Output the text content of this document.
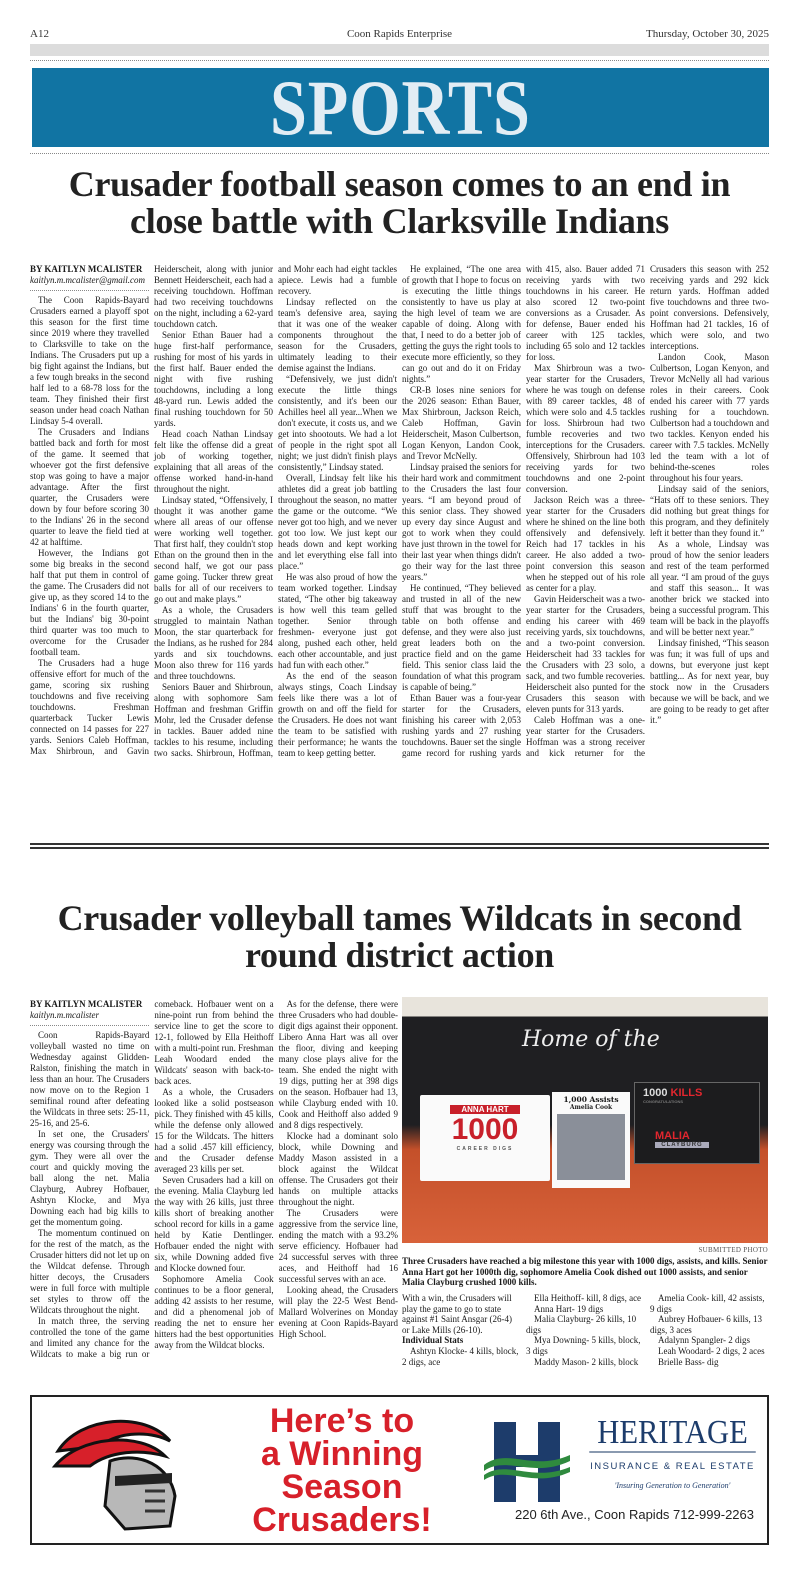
A12	Coon Rapids Enterprise	Thursday, October 30, 2025
SPORTS
Crusader football season comes to an end in close battle with Clarksville Indians

BY KAITLYN MCALISTER

kaitlyn.m.mcalister@gmail.com

The Coon Rapids-Bayard Crusaders earned a playoff spot this season for the first time since 2019 where they travelled to Clarksville to take on the Indians. The Crusaders put up a big fight against the Indians, but a few tough breaks in the second half led to a 68-78 loss for the team. They finished their first season under head coach Nathan Lindsay 5-4 overall.

The Crusaders and Indians battled back and forth for most of the game. It seemed that whoever got the first defensive stop was going to have a major advantage. After the first quarter, the Crusaders were down by four before scoring 30 to the Indians' 26 in the second quarter to leave the field tied at 42 at halftime.

However, the Indians got some big breaks in the second half that put them in control of the game. The Crusaders did not give up, as they scored 14 to the Indians' 6 in the fourth quarter, but the Indians' big 30-point third quarter was too much to overcome for the Crusader football team.

The Crusaders had a huge offensive effort for much of the game, scoring six rushing touchdowns and five receiving touchdowns. Freshman quarterback Tucker Lewis connected on 14 passes for 227 yards. Seniors Caleb Hoffman, Max Shirbroun, and Gavin Heiderscheit, along with junior Bennett Heiderscheit, each had a receiving touchdown. Hoffman had two receiving touchdowns on the night, including a 62-yard touchdown catch.

Senior Ethan Bauer had a huge first-half performance, rushing for most of his yards in the first half. Bauer ended the night with five rushing touchdowns, including a long 48-yard run. Lewis added the final rushing touchdown for 50 yards.

Head coach Nathan Lindsay felt like the offense did a great job of working together, explaining that all areas of the offense worked hand-in-hand throughout the night.

Lindsay stated, “Offensively, I thought it was another game where all areas of our offense were working well together. That first half, they couldn't stop Ethan on the ground then in the second half, we got our pass game going. Tucker threw great balls for all of our receivers to go out and make plays.”

As a whole, the Crusaders struggled to maintain Nathan Moon, the star quarterback for the Indians, as he rushed for 284 yards and six touchdowns. Moon also threw for 116 yards and three touchdowns.

Seniors Bauer and Shirbroun, along with sophomore Sam Hoffman and freshman Griffin Mohr, led the Crusader defense in tackles. Bauer added nine tackles to his resume, including two sacks. Shirbroun, Hoffman, and Mohr each had eight tackles apiece. Lewis had a fumble recovery.

Lindsay reflected on the team's defensive area, saying that it was one of the weaker components throughout the season for the Crusaders, ultimately leading to their demise against the Indians.

“Defensively, we just didn't execute the little things consistently, and it's been our Achilles heel all year...When we don't execute, it costs us, and we get into shootouts. We had a lot of people in the right spot all night; we just didn't finish plays consistently,” Lindsay stated.

Overall, Lindsay felt like his athletes did a great job battling throughout the season, no matter the game or the outcome. “We never got too high, and we never got too low. We just kept our heads down and kept working and let everything else fall into place.”

He was also proud of how the team worked together. Lindsay stated, “The other big takeaway is how well this team gelled together. Senior through freshmen- everyone just got along, pushed each other, held each other accountable, and just had fun with each other.”

As the end of the season always stings, Coach Lindsay feels like there was a lot of growth on and off the field for the Crusaders. He does not want the team to be satisfied with their performance; he wants the team to keep getting better.

He explained, “The one area of growth that I hope to focus on is executing the little things consistently to have us play at the high level of team we are capable of doing. Along with that, I need to do a better job of getting the guys the right tools to execute more efficiently, so they can go out and do it on Friday nights.”

CR-B loses nine seniors for the 2026 season: Ethan Bauer, Max Shirbroun, Jackson Reich, Caleb Hoffman, Gavin Heiderscheit, Mason Culbertson, Logan Kenyon, Landon Cook, and Trevor McNelly.

Lindsay praised the seniors for their hard work and commitment to the Crusaders the last four years. “I am beyond proud of this senior class. They showed up every day since August and got to work when they could have just thrown in the towel for their last year when things didn't go their way for the last three years.”

He continued, “They believed and trusted in all of the new stuff that was brought to the table on both offense and defense, and they were also just great leaders both on the practice field and on the game field. This senior class laid the foundation of what this program is capable of being.”

Ethan Bauer was a four-year starter for the Crusaders, finishing his career with 2,053 rushing yards and 27 rushing touchdowns. Bauer set the single game record for rushing yards with 415, also. Bauer added 71 receiving yards with two touchdowns in his career. He also scored 12 two-point conversions as a Crusader. As for defense, Bauer ended his career with 125 tackles, including 65 solo and 12 tackles for loss.

Max Shirbroun was a two-year starter for the Crusaders, where he was tough on defense with 89 career tackles, 48 of which were solo and 4.5 tackles for loss. Shirbroun had two fumble recoveries and two interceptions for the Crusaders. Offensively, Shirbroun had 103 receiving yards for two touchdowns and one 2-point conversion.

Jackson Reich was a three-year starter for the Crusaders where he shined on the line both offensively and defensively. Reich had 17 tackles in his career. He also added a two-point conversion this season when he stepped out of his role as center for a play.

Gavin Heiderscheit was a two-year starter for the Crusaders, ending his career with 469 receiving yards, six touchdowns, and a two-point conversion. Heiderscheit had 33 tackles for the Crusaders with 23 solo, a sack, and two fumble recoveries. Heiderscheit also punted for the Crusaders this season with eleven punts for 313 yards.

Caleb Hoffman was a one-year starter for the Crusaders. Hoffman was a strong receiver and kick returner for the Crusaders this season with 252 receiving yards and 292 kick return yards. Hoffman added five touchdowns and three two-point conversions. Defensively, Hoffman had 21 tackles, 16 of which were solo, and two interceptions.

Landon Cook, Mason Culbertson, Logan Kenyon, and Trevor McNelly all had various roles in their careers. Cook ended his career with 77 yards rushing for a touchdown. Culbertson had a touchdown and two tackles. Kenyon ended his career with 7.5 tackles. McNelly led the team with a lot of behind-the-scenes roles throughout his four years.

Lindsay said of the seniors, “Hats off to these seniors. They did nothing but great things for this program, and they definitely left it better than they found it.”

As a whole, Lindsay was proud of how the senior leaders and rest of the team performed all year. “I am proud of the guys and staff this season... It was another brick we stacked into being a successful program. This team will be back in the playoffs and will be better next year.”

Lindsay finished, “This season was fun; it was full of ups and downs, but everyone just kept battling... As for next year, buy stock now in the Crusaders because we will be back, and we are going to be ready to get after it.”

Crusader volleyball tames Wildcats in second round district action

BY KAITLYN MCALISTER

kaitlyn.m.mcalister

Coon Rapids-Bayard volleyball wasted no time on Wednesday against Glidden-Ralston, finishing the match in less than an hour. The Crusaders now move on to the Region 1 semifinal round after defeating the Wildcats in three sets: 25-11, 25-16, and 25-6.

In set one, the Crusaders' energy was coursing through the gym. They were all over the court and quickly moving the ball along the net. Malia Clayburg, Aubrey Hofbauer, Ashtyn Klocke, and Mya Downing each had big kills to get the momentum going.

The momentum continued on for the rest of the match, as the Crusader hitters did not let up on the Wildcat defense. Through hitter decoys, the Crusaders were in full force with multiple set styles to throw off the Wildcats throughout the night.

In match three, the serving controlled the tone of the game and limited any chance for the Wildcats to make a big run or comeback. Hofbauer went on a nine-point run from behind the service line to get the score to 12-1, followed by Ella Heithoff with a multi-point run. Freshman Leah Woodard ended the Wildcats' season with back-to-back aces.

As a whole, the Crusaders looked like a solid postseason pick. They finished with 45 kills, while the defense only allowed 15 for the Wildcats. The hitters had a solid .457 kill efficiency, and the Crusader defense averaged 23 kills per set.

Seven Crusaders had a kill on the evening. Malia Clayburg led the way with 26 kills, just three kills short of breaking another school record for kills in a game held by Katie Dentlinger. Hofbauer ended the night with six, while Downing added five and Klocke downed four.

Sophomore Amelia Cook continues to be a floor general, adding 42 assists to her resume, and did a phenomenal job of reading the net to ensure her hitters had the best opportunities away from the Wildcat blocks.

As for the defense, there were three Crusaders who had double-digit digs against their opponent. Libero Anna Hart was all over the floor, diving and keeping many close plays alive for the team. She ended the night with 19 digs, putting her at 398 digs on the season. Hofbauer had 13, while Clayburg ended with 10. Cook and Heithoff also added 9 and 8 digs respectively.

Klocke had a dominant solo block, while Downing and Maddy Mason assisted in a block against the Wildcat offense. The Crusaders got their hands on multiple attacks throughout the night.

The Crusaders were aggressive from the service line, ending the match with a 93.2% serve efficiency. Hofbauer had 24 successful serves with three aces, and Heithoff had 16 successful serves with an ace.

Looking ahead, the Crusaders will play the 22-5 West Bend-Mallard Wolverines on Monday evening at Coon Rapids-Bayard High School.

Home of the
ANNA HART
1000
CAREER DIGS
1,000 Assists
Amelia Cook
1000 KILLS
CONGRATULATIONS
MALIA
CLAYBURG
SUBMITTED PHOTO
Three Crusaders have reached a big milestone this year with 1000 digs, assists, and kills. Senior Anna Hart got her 1000th dig, sophomore Amelia Cook dished out 1000 assists, and senior Malia Clayburg crushed 1000 kills.

With a win, the Crusaders will play the game to go to state against #1 Saint Ansgar (26-4) or Lake Mills (26-10).

Individual Stats

Ashtyn Klocke- 4 kills, block, 2 digs, ace

Ella Heithoff- kill, 8 digs, ace

Anna Hart- 19 digs

Malia Clayburg- 26 kills, 10 digs

Mya Downing- 5 kills, block, 3 digs

Maddy Mason- 2 kills, block

Amelia Cook- kill, 42 assists, 9 digs

Aubrey Hofbauer- 6 kills, 13 digs, 3 aces

Adalynn Spangler- 2 digs

Leah Woodard- 2 digs, 2 aces

Brielle Bass- dig

Here’s to
a Winning
Season
Crusaders!
HERITAGE
INSURANCE & REAL ESTATE
'Insuring Generation to Generation'
220 6th Ave., Coon Rapids 712-999-2263
